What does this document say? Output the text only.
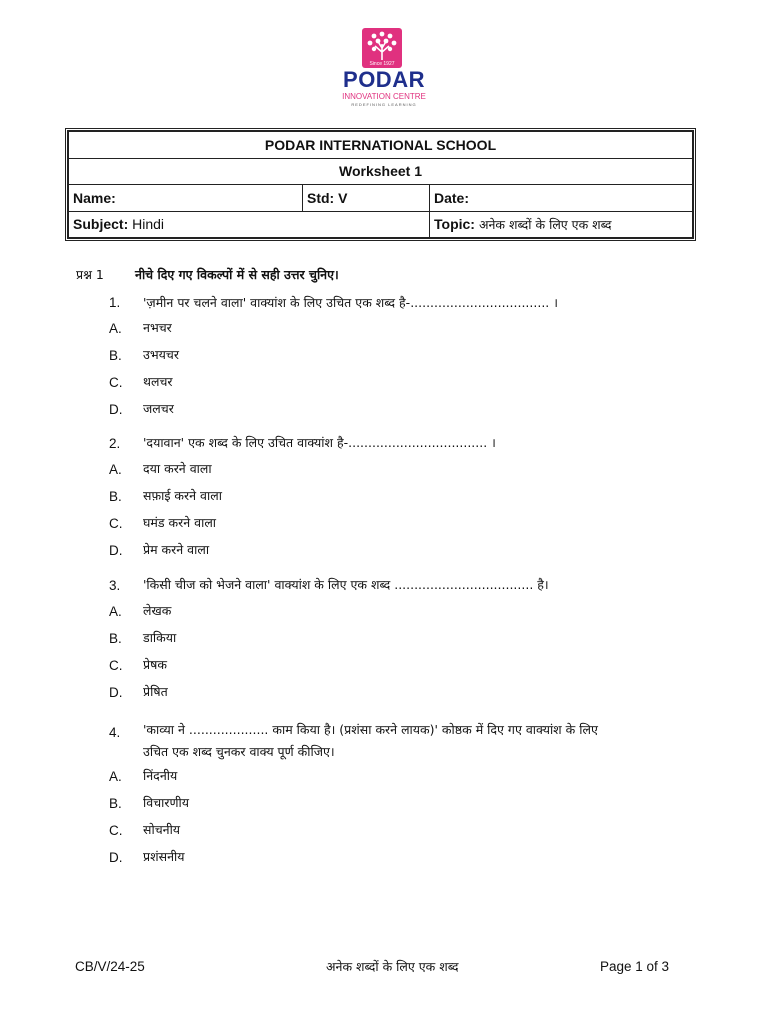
Since 1927
PODAR
INNOVATION CENTRE
REDEFINING LEARNING
PODAR INTERNATIONAL SCHOOL		
Worksheet 1		
Name:	Std: V	Date:
Subject: Hindi		Topic: अनेक शब्दों के लिए एक शब्द
प्रश्न 1 नीचे दिए गए विकल्पों में से सही उत्तर चुनिए।
1. 'ज़मीन पर चलने वाला' वाक्यांश के लिए उचित एक शब्द है-................................... ।
A. नभचर
B. उभयचर
C. थलचर
D. जलचर
2. 'दयावान' एक शब्द के लिए उचित वाक्यांश है-................................... ।
A. दया करने वाला
B. सफ़ाई करने वाला
C. घमंड करने वाला
D. प्रेम करने वाला
3. 'किसी चीज को भेजने वाला' वाक्यांश के लिए एक शब्द ................................... है।
A. लेखक
B. डाकिया
C. प्रेषक
D. प्रेषित
4. 'काव्या ने .................... काम किया है। (प्रशंसा करने लायक)' कोष्ठक में दिए गए वाक्यांश के लिए
उचित एक शब्द चुनकर वाक्य पूर्ण कीजिए।
A. निंदनीय
B. विचारणीय
C. सोचनीय
D. प्रशंसनीय
CB/V/24-25	अनेक शब्दों के लिए एक शब्द	Page 1 of 3
